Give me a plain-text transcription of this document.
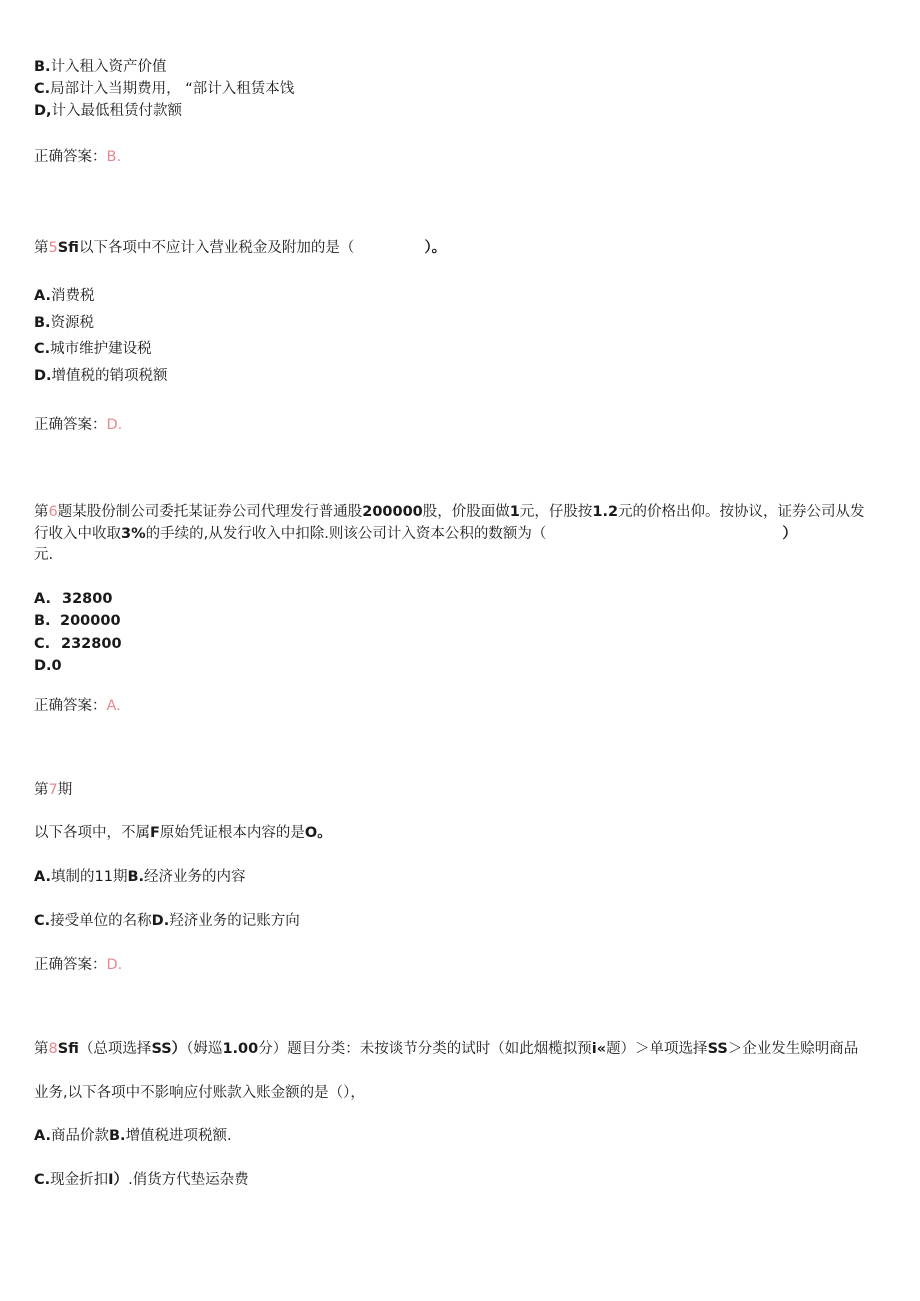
B.计入租入资产价值
C.局部计入当期费用， “部计入租赁本饯
D,计入最低租赁付款额
正确答案：B.
第5Sfi以下各项中不应计入营业税金及附加的是（	）。
A.消费税
B.资源税
C.城市维护建设税
D.增值税的销项税额
正确答案：D.
第6题某股份制公司委托某证券公司代理发行普通股200000股，价股面做1元，仔股按1.2元的价格出仰。按协议，证券公司从发
行收入中收取3%的手续的,从发行收入中扣除.则该公司计入资本公积的数额为（	）
元.
A. 32800
B. 200000
C. 232800
D.0
正确答案：A.
第7期
以下各项中，不属F原始凭证根本内容的是O。
A.填制的11期B.经济业务的内容
C.接受单位的名称D.羟济业务的记账方向
正确答案：D.
第8Sfi（总项选择SS）（姆巡1.00分）题目分类：未按谈节分类的试时（如此烟榄拟预i«题）＞单项选择SS＞企业发生赊明商品
业务,以下各项中不影响应付账款入账金额的是（），
A.商品价款B.增值税进项税额.
C.现金折扣I）.俏货方代垫运杂费
